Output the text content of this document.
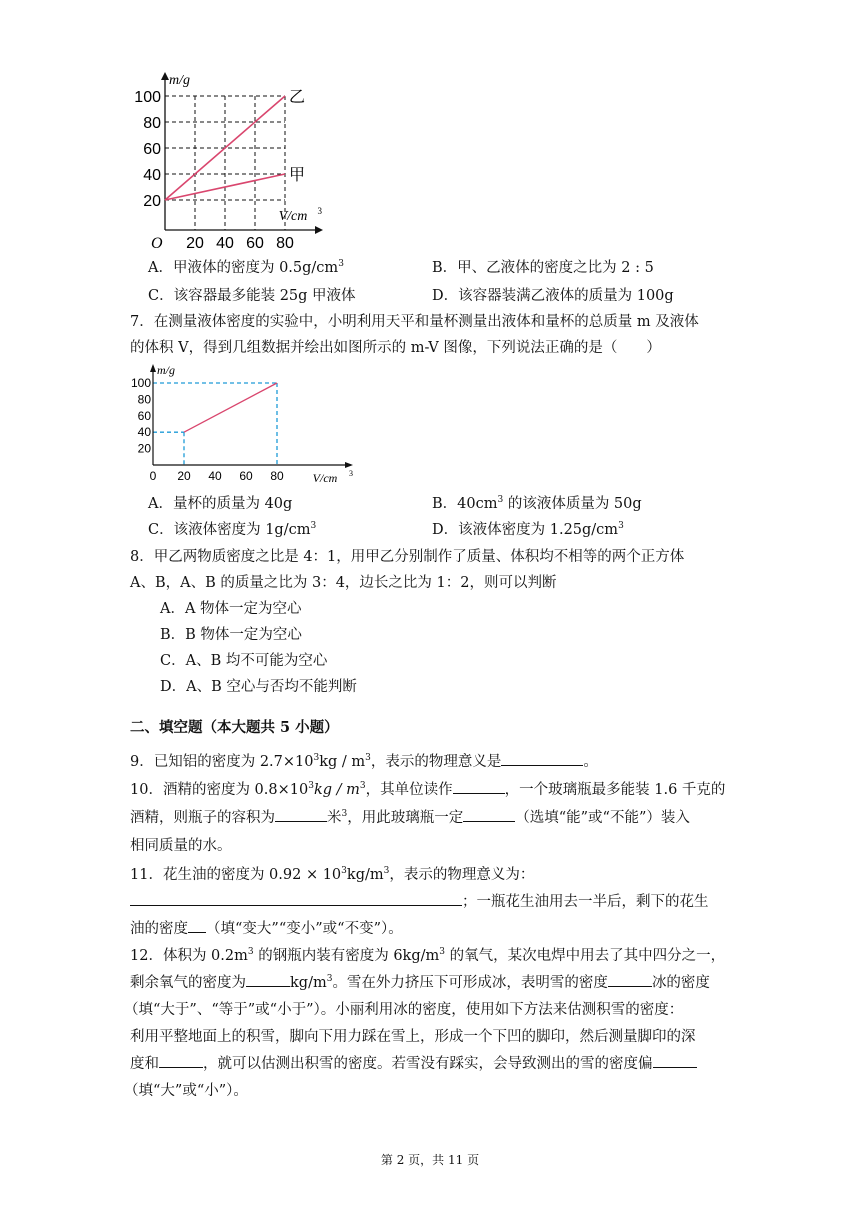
乙
甲
100
80
60
40
20
20 40 60 80
O
m/g
V/cm 3
A．甲液体的密度为 $0.5g/cm^3$	B．甲、乙液体的密度之比为 2 : 5
C．该容器最多能装 25g 甲液体	D．该容器装满乙液体的质量为 100g
7．在测量液体密度的实验中，小明利用天平和量杯测量出液体和量杯的总质量 m 及液体
的体积 V，得到几组数据并绘出如图所示的 m-V 图像，下列说法正确的是（　　）
100
80
60
40
20
0 20 40 60 80
m/g
V/cm 3
A．量杯的质量为 40g	B．$40cm^3$ 的该液体质量为 50g
C．该液体密度为 $1g/cm^3$	D．该液体密度为 $1.25g/cm^3$
8．甲乙两物质密度之比是 4：1，用甲乙分别制作了质量、体积均不相等的两个正方体
A、B，A、B 的质量之比为 3：4，边长之比为 1：2，则可以判断
A．A 物体一定为空心
B．B 物体一定为空心
C．A、B 均不可能为空心
D．A、B 空心与否均不能判断
二、填空题（本大题共 5 小题）
9．已知铝的密度为 $2.7\times 10^3kg / m^3$，表示的物理意义是	。
10．酒精的密度为 $0.8\times 10^3kg / m^3$，其单位读作	，一个玻璃瓶最多能装 1.6 千克的
酒精，则瓶子的容积为	米$^3$，用此玻璃瓶一定	（选填“能”或“不能”）装入
相同质量的水。
11．花生油的密度为 $0.92 \times 10^3kg/m^3$，表示的物理意义为：
；一瓶花生油用去一半后，剩下的花生
油的密度 （填“变大”“变小”或“不变”）。
12．体积为 $0.2m^3$ 的钢瓶内装有密度为 $6kg/m^3$ 的氧气，某次电焊中用去了其中四分之一，
剩余氧气的密度为	$kg/m^3$。雪在外力挤压下可形成冰，表明雪的密度	冰的密度
（填“大于”、“等于”或“小于”）。小丽利用冰的密度，使用如下方法来估测积雪的密度：
利用平整地面上的积雪，脚向下用力踩在雪上，形成一个下凹的脚印，然后测量脚印的深
度和	，就可以估测出积雪的密度。若雪没有踩实，会导致测出的雪的密度偏
（填“大”或“小”）。
第 2 页，共 11 页
